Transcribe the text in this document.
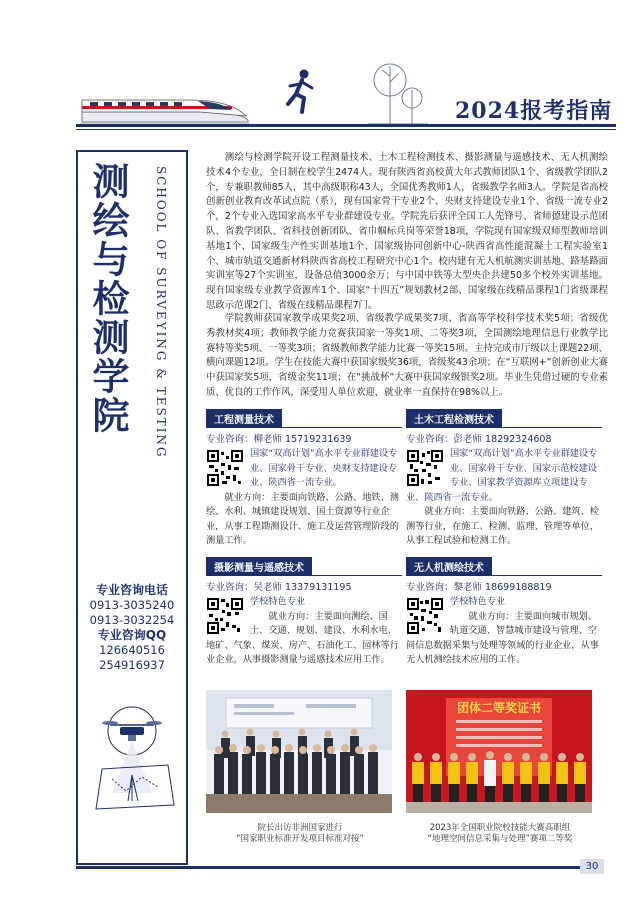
2024报考指南
测绘与检测学院	SCHOOL OF SURVEYING & TESTING
专业咨询电话
0913-3035240
0913-3032254
专业咨询QQ
126640516
254916937

测绘与检测学院开设工程测量技术、土木工程检测技术、摄影测量与遥感技术、无人机测绘技术4个专业，全日制在校学生2474人。现有陕西省高校黄大年式教师团队1个、省级教学团队2个，专兼职教师85人，其中高级职称43人，全国优秀教师1人，省级教学名师3人。学院是省高校创新创业教育改革试点院（系），现有国家骨干专业2个、央财支持建设专业1个、省级一流专业2个，2个专业入选国家高水平专业群建设专业。学院先后获评全国工人先锋号、省师德建设示范团队、省教学团队、省科技创新团队、省巾帼标兵岗等荣誉18项，学院现有国家级双师型教师培训基地1个、国家级生产性实训基地1个、国家级协同创新中心-陕西省高性能混凝土工程实验室1个、城市轨道交通新材料陕西省高校工程研究中心1个。校内建有无人机航测实训基地、路基路面实训室等27个实训室，设备总值3000余万；与中国中铁等大型央企共建50多个校外实训基地。现有国家级专业教学资源库1个、国家“十四五”规划教材2部、国家级在线精品课程1门省级课程思政示范课2门、省级在线精品课程7门。

学院教师获国家教学成果奖2项、省级教学成果奖7项、省高等学校科学技术奖5项；省级优秀教材奖4项；教师教学能力竞赛获国家一等奖1项、二等奖3项，全国测绘地理信息行业教学比赛特等奖5项、一等奖3项；省级教师教学能力比赛一等奖15项。主持完成市厅级以上课题22项、横向课题12项。学生在技能大赛中获国家级奖36项，省级奖43余项；在“互联网+”创新创业大赛中获国家奖5项，省级金奖11项；在“挑战杯”大赛中获国家级银奖2项。毕业生凭借过硬的专业素质、优良的工作作风，深受用人单位欢迎，就业率一直保持在98%以上。

工程测量技术
专业咨询：柳老师 15719231639
国家“双高计划”高水平专业群建设专业、国家骨干专业、央财支持建设专业、陕西省一流专业。

就业方向：主要面向铁路、公路、地铁、测绘、水利、城镇建设规划、国土资源等行业企业，从事工程勘测设计、施工及运营管理阶段的测量工作。

土木工程检测技术
专业咨询：彭老师 18292324608
国家“双高计划”高水平专业群建设专业、国家骨干专业、国家示范校建设专业、国家教学资源库立项建设专业、陕西省一流专业。

就业方向：主要面向铁路、公路、建筑、检测等行业，在施工、检测、监理、管理等单位，从事工程试验和检测工作。

摄影测量与遥感技术
专业咨询：吴老师 13379131195
学校特色专业

就业方向：主要面向测绘、国土、交通、规划、建设、水利水电、地矿、气象、煤炭、房产、石油化工、园林等行业企业，从事摄影测量与遥感技术应用工作。

无人机测绘技术
专业咨询：黎老师 18699188819
学校特色专业

就业方向：主要面向城市规划、轨道交通、智慧城市建设与管理、空间信息数据采集与处理等领域的行业企业，从事无人机测绘技术应用的工作。

团体二等奖证书
院长出访非洲国家进行
“国家职业标准开发项目标准对接”
2023年全国职业院校技能大赛高职组
“地理空间信息采集与处理”赛项二等奖
30
